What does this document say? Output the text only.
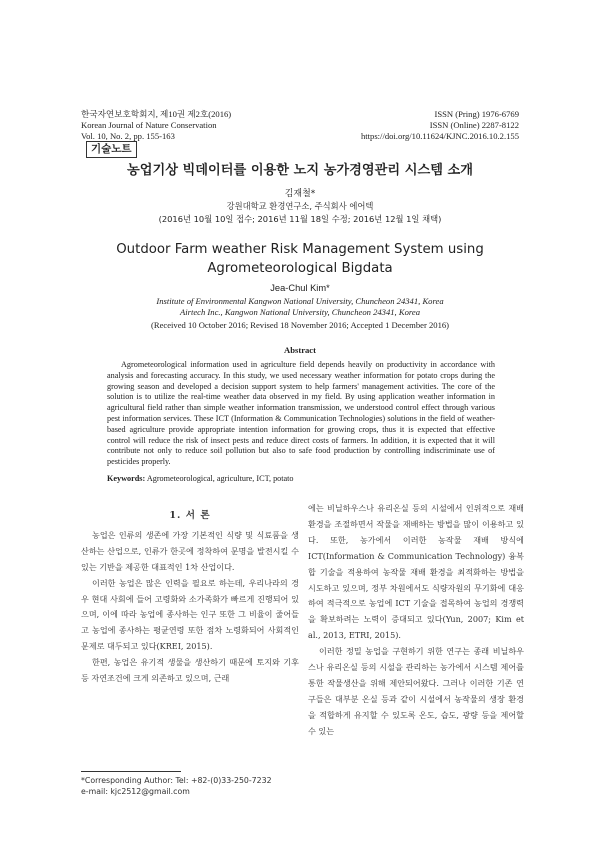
한국자연보호학회지, 제10권 제2호(2016)
Korean Journal of Nature Conservation
Vol. 10, No. 2, pp. 155-163
ISSN (Pring) 1976-6769
ISSN (Online) 2287-8122
https://doi.org/10.11624/KJNC.2016.10.2.155
기술노트
농업기상 빅데이터를 이용한 노지 농가경영관리 시스템 소개
김재철*
강원대학교 환경연구소, 주식회사 에어텍
(2016년 10월 10일 접수; 2016년 11월 18일 수정; 2016년 12월 1일 채택)
Outdoor Farm weather Risk Management System using
Agrometeorological Bigdata
Jea-Chul Kim*
Institute of Environmental Kangwon National University, Chuncheon 24341, Korea
Airtech Inc., Kangwon National University, Chuncheon 24341, Korea
(Received 10 October 2016; Revised 18 November 2016; Accepted 1 December 2016)
Abstract
Agrometeorological information used in agriculture field depends heavily on productivity in accordance with analysis and forecasting accuracy. In this study, we used necessary weather information for potato crops during the growing season and developed a decision support system to help farmers' management activities. The core of the solution is to utilize the real-time weather data observed in my field. By using application weather information in agricultural field rather than simple weather information transmission, we understood control effect through various pest information services. These ICT (Information & Communication Technologies) solutions in the field of weather-based agriculture provide appropriate intention information for growing crops, thus it is expected that effective control will reduce the risk of insect pests and reduce direct costs of farmers. In addition, it is expected that it will contribute not only to reduce soil pollution but also to safe food production by controlling indiscriminate use of pesticides properly.
Keywords: Agrometeorological, agriculture, ICT, potato
1. 서 론

농업은 인류의 생존에 가장 기본적인 식량 및 식료품을 생산하는 산업으로, 인류가 한곳에 정착하여 문명을 발전시킬 수 있는 기반을 제공한 대표적인 1차 산업이다.

이러한 농업은 많은 인력을 필요로 하는데, 우리나라의 경우 현대 사회에 들어 고령화와 소가족화가 빠르게 진행되어 있으며, 이에 따라 농업에 종사하는 인구 또한 그 비율이 줄어들고 농업에 종사하는 평균연령 또한 점차 노령화되어 사회적인 문제로 대두되고 있다(KREI, 2015).

한편, 농업은 유기적 생물을 생산하기 때문에 토지와 기후 등 자연조건에 크게 의존하고 있으며, 근래

에는 비닐하우스나 유리온실 등의 시설에서 인위적으로 재배환경을 조절하면서 작물을 재배하는 방법을 많이 이용하고 있다. 또한, 농가에서 이러한 농작물 재배 방식에 ICT(Information & Communication Technology) 융복합 기술을 적용하여 농작물 재배 환경을 최적화하는 방법을 시도하고 있으며, 정부 차원에서도 식량자원의 무기화에 대응하여 적극적으로 농업에 ICT 기술을 접목하여 농업의 경쟁력을 확보하려는 노력이 증대되고 있다(Yun, 2007; Kim et al., 2013, ETRI, 2015).

이러한 정밀 농업을 구현하기 위한 연구는 종래 비닐하우스나 유리온실 등의 시설을 관리하는 농가에서 시스템 제어를 통한 작물생산을 위해 제안되어왔다. 그러나 이러한 기존 연구들은 대부분 온실 등과 같이 시설에서 농작물의 생장 환경을 적합하게 유지할 수 있도록 온도, 습도, 광량 등을 제어할 수 있는

*Corresponding Author: Tel: +82-(0)33-250-7232
e-mail: kjc2512@gmail.com
